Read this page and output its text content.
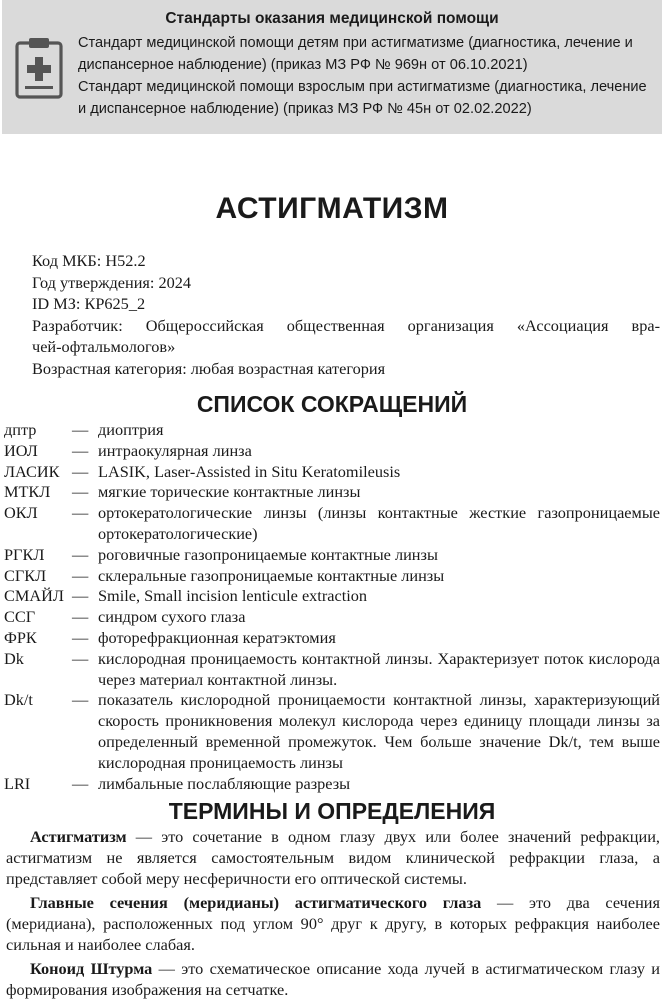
Стандарты оказания медицинской помощи

Стандарт медицинской помощи детям при астигматизме (диагностика, лечение и диспансерное наблюдение) (приказ МЗ РФ № 969н от 06.10.2021)

Стандарт медицинской помощи взрослым при астигматизме (диагностика, лечение и диспансерное наблюдение) (приказ МЗ РФ № 45н от 02.02.2022)

АСТИГМАТИЗМ

Код МКБ: H52.2

Год утверждения: 2024

ID МЗ: КР625_2

Разработчик: Общероссийская общественная организация «Ассоциация вра-

чей-офтальмологов»

Возрастная категория: любая возрастная категория

СПИСОК СОКРАЩЕНИЙ
дптр	— диоптрия
ИОЛ	— интраокулярная линза
ЛАСИК — LASIK, Laser-Assisted in Situ Keratomileusis
МТКЛ	— мягкие торические контактные линзы
ОКЛ	— ортокератологические линзы (линзы контактные жесткие газопроницаемые ортокератологические)
РГКЛ	— роговичные газопроницаемые контактные линзы
СГКЛ	— склеральные газопроницаемые контактные линзы
СМАЙЛ — Smile, Small incision lenticule extraction
ССГ	— синдром сухого глаза
ФРК	— фоторефракционная кератэктомия
Dk	— кислородная проницаемость контактной линзы. Характеризует поток кислорода через материал контактной линзы.
Dk/t	— показатель кислородной проницаемости контактной линзы, характеризующий скорость проникновения молекул кислорода через единицу площади линзы за определенный временной промежуток. Чем больше значение Dk/t, тем выше кислородная проницаемость линзы
LRI	— лимбальные послабляющие разрезы
ТЕРМИНЫ И ОПРЕДЕЛЕНИЯ

Астигматизм — это сочетание в одном глазу двух или более значений рефракции, астигматизм не является самостоятельным видом клинической рефракции глаза, а представляет собой меру несферичности его оптической системы.

Главные сечения (меридианы) астигматического глаза — это два сечения (меридиана), расположенных под углом 90° друг к другу, в которых рефракция наиболее сильная и наиболее слабая.

Коноид Штурма — это схематическое описание хода лучей в астигматическом глазу и формирования изображения на сетчатке.
